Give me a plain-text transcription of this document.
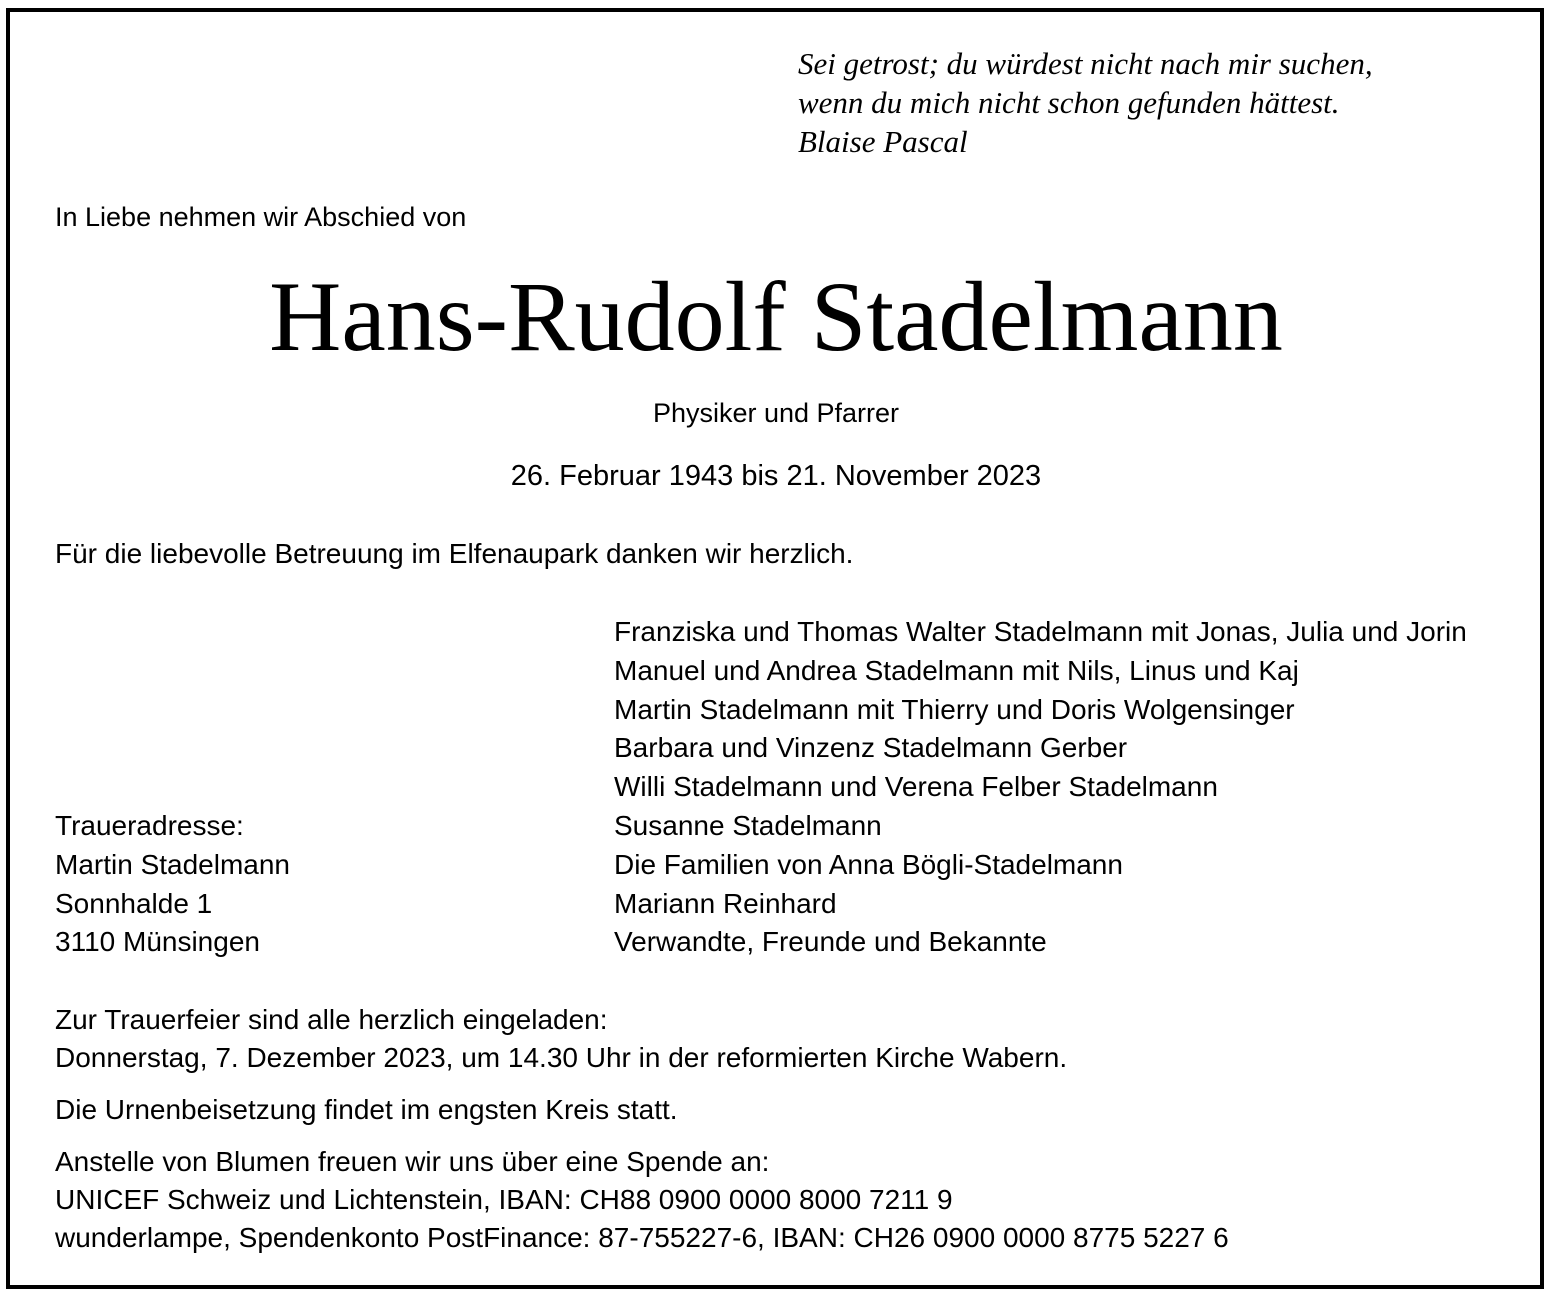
Sei getrost; du würdest nicht nach mir suchen,
wenn du mich nicht schon gefunden hättest.
Blaise Pascal
In Liebe nehmen wir Abschied von
Hans-Rudolf Stadelmann
Physiker und Pfarrer
26. Februar 1943 bis 21. November 2023
Für die liebevolle Betreuung im Elfenaupark danken wir herzlich.
Franziska und Thomas Walter Stadelmann mit Jonas, Julia und Jorin
Manuel und Andrea Stadelmann mit Nils, Linus und Kaj
Martin Stadelmann mit Thierry und Doris Wolgensinger
Barbara und Vinzenz Stadelmann Gerber
Willi Stadelmann und Verena Felber Stadelmann
Susanne Stadelmann
Die Familien von Anna Bögli-Stadelmann
Mariann Reinhard
Verwandte, Freunde und Bekannte
Traueradresse:
Martin Stadelmann
Sonnhalde 1
3110 Münsingen
Zur Trauerfeier sind alle herzlich eingeladen:
Donnerstag, 7. Dezember 2023, um 14.30 Uhr in der reformierten Kirche Wabern.
Die Urnenbeisetzung findet im engsten Kreis statt.
Anstelle von Blumen freuen wir uns über eine Spende an:
UNICEF Schweiz und Lichtenstein, IBAN: CH88 0900 0000 8000 7211 9
wunderlampe, Spendenkonto PostFinance: 87-755227-6, IBAN: CH26 0900 0000 8775 5227 6
